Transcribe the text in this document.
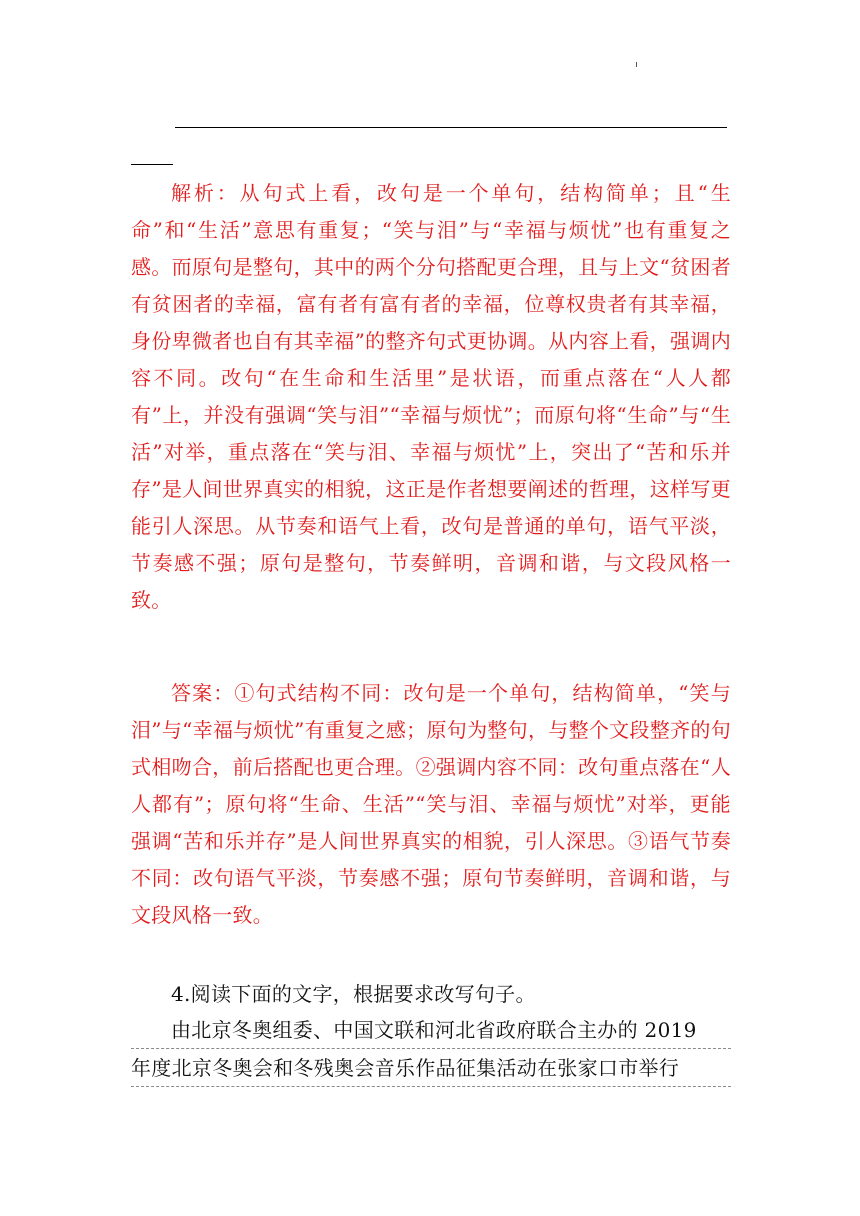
解析：从句式上看，改句是一个单句，结构简单；且“生命”和“生活”意思有重复；“笑与泪”与“幸福与烦忧”也有重复之感。而原句是整句，其中的两个分句搭配更合理，且与上文“贫困者有贫困者的幸福，富有者有富有者的幸福，位尊权贵者有其幸福，身份卑微者也自有其幸福”的整齐句式更协调。从内容上看，强调内容不同。改句“在生命和生活里”是状语，而重点落在“人人都有”上，并没有强调“笑与泪”“幸福与烦忧”；而原句将“生命”与“生活”对举，重点落在“笑与泪、幸福与烦忧”上，突出了“苦和乐并存”是人间世界真实的相貌，这正是作者想要阐述的哲理，这样写更能引人深思。从节奏和语气上看，改句是普通的单句，语气平淡，节奏感不强；原句是整句，节奏鲜明，音调和谐，与文段风格一致。

答案：①句式结构不同：改句是一个单句，结构简单，“笑与泪”与“幸福与烦忧”有重复之感；原句为整句，与整个文段整齐的句式相吻合，前后搭配也更合理。②强调内容不同：改句重点落在“人人都有”；原句将“生命、生活”“笑与泪、幸福与烦忧”对举，更能强调“苦和乐并存”是人间世界真实的相貌，引人深思。③语气节奏不同：改句语气平淡，节奏感不强；原句节奏鲜明，音调和谐，与文段风格一致。

4.阅读下面的文字，根据要求改写句子。

由北京冬奥组委、中国文联和河北省政府联合主办的 2019
年度北京冬奥会和冬残奥会音乐作品征集活动在张家口市举行
